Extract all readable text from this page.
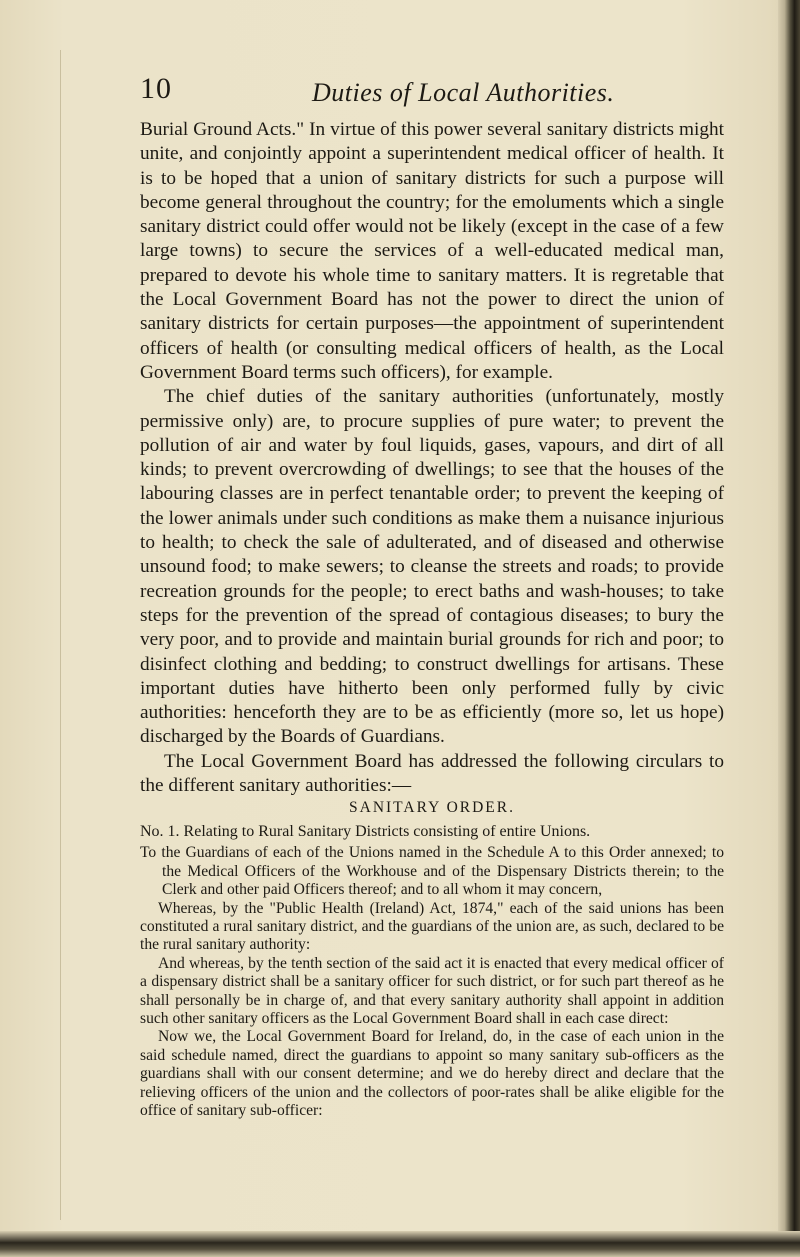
10	Duties of Local Authorities.

Burial Ground Acts." In virtue of this power several sanitary districts might unite, and conjointly appoint a superintendent medical officer of health. It is to be hoped that a union of sanitary districts for such a purpose will become general throughout the country; for the emoluments which a single sanitary district could offer would not be likely (except in the case of a few large towns) to secure the services of a well-educated medical man, prepared to devote his whole time to sanitary matters. It is regretable that the Local Government Board has not the power to direct the union of sanitary districts for certain purposes—the appointment of superintendent officers of health (or consulting medical officers of health, as the Local Government Board terms such officers), for example.

The chief duties of the sanitary authorities (unfortunately, mostly permissive only) are, to procure supplies of pure water; to prevent the pollution of air and water by foul liquids, gases, vapours, and dirt of all kinds; to prevent overcrowding of dwellings; to see that the houses of the labouring classes are in perfect tenantable order; to prevent the keeping of the lower animals under such conditions as make them a nuisance injurious to health; to check the sale of adulterated, and of diseased and otherwise unsound food; to make sewers; to cleanse the streets and roads; to provide recreation grounds for the people; to erect baths and wash-houses; to take steps for the prevention of the spread of contagious diseases; to bury the very poor, and to provide and maintain burial grounds for rich and poor; to disinfect clothing and bedding; to construct dwellings for artisans. These important duties have hitherto been only performed fully by civic authorities: henceforth they are to be as efficiently (more so, let us hope) discharged by the Boards of Guardians.

The Local Government Board has addressed the following circulars to the different sanitary authorities:—

SANITARY ORDER.
No. 1. Relating to Rural Sanitary Districts consisting of entire Unions.

To the Guardians of each of the Unions named in the Schedule A to this Order annexed; to the Medical Officers of the Workhouse and of the Dispensary Districts therein; to the Clerk and other paid Officers thereof; and to all whom it may concern,

Whereas, by the "Public Health (Ireland) Act, 1874," each of the said unions has been constituted a rural sanitary district, and the guardians of the union are, as such, declared to be the rural sanitary authority:

And whereas, by the tenth section of the said act it is enacted that every medical officer of a dispensary district shall be a sanitary officer for such district, or for such part thereof as he shall personally be in charge of, and that every sanitary authority shall appoint in addition such other sanitary officers as the Local Government Board shall in each case direct:

Now we, the Local Government Board for Ireland, do, in the case of each union in the said schedule named, direct the guardians to appoint so many sanitary sub-officers as the guardians shall with our consent determine; and we do hereby direct and declare that the relieving officers of the union and the collectors of poor-rates shall be alike eligible for the office of sanitary sub-officer:
